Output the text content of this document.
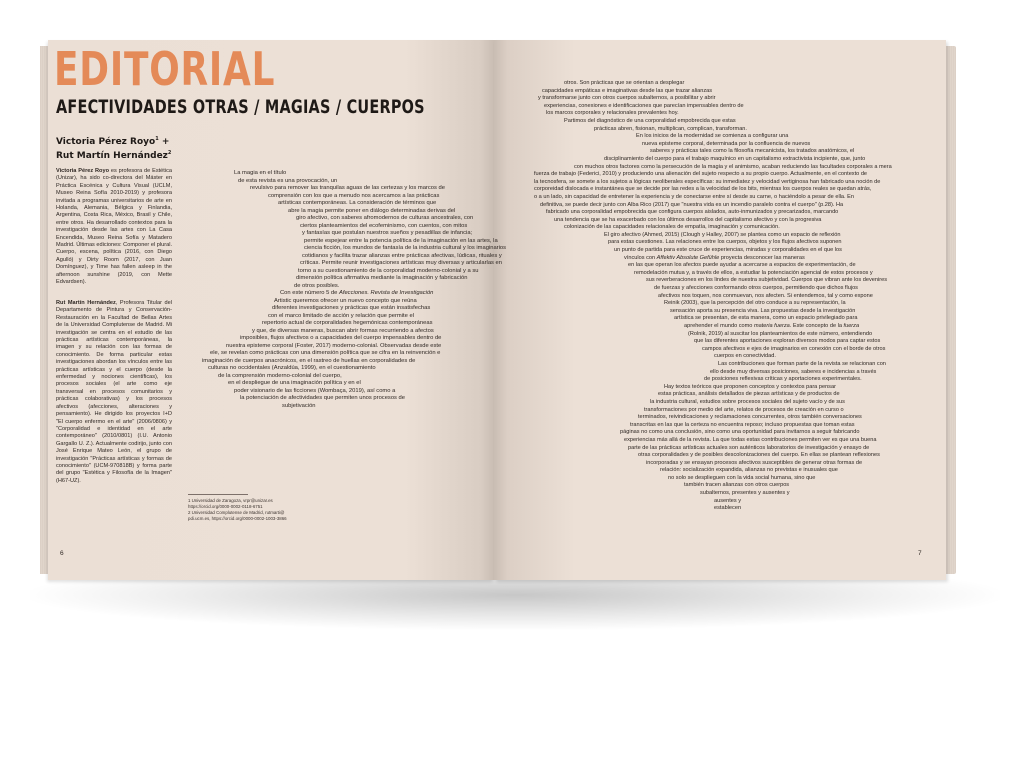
EDITORIAL
AFECTIVIDADES OTRAS / MAGIAS / CUERPOS
Victoria Pérez Royo$^1$ +
Rut Martín Hernández$^2$

Victoria Pérez Royo es profesora de Estética (Unizar), ha sido co-directora del Máster en Práctica Escénica y Cultura Visual (UCLM, Museo Reina Sofía 2010-2019) y profesora invitada a programas universitarios de arte en Holanda, Alemania, Bélgica y Finlandia, Argentina, Costa Rica, México, Brasil y Chile, entre otros. Ha desarrollado contextos para la investigación desde las artes con La Casa Encendida, Museo Reina Sofía y Matadero Madrid. Últimas ediciones: Componer el plural. Cuerpo, escena, política (2016, con Diego Agulló) y Dirty Room (2017, con Juan Domínguez), y Time has fallen asleep in the afternoon sunshine (2019, con Mette Edvardsen).

Rut Martín Hernández, Profesora Titular del Departamento de Pintura y Conservación-Restauración en la Facultad de Bellas Artes de la Universidad Complutense de Madrid. Mi investigación se centra en el estudio de las prácticas artísticas contemporáneas, la imagen y su relación con las formas de conocimiento. De forma particular estas investigaciones abordan los vínculos entre las prácticas artísticas y el cuerpo (desde la enfermedad y nociones científicas), los procesos sociales (el arte como eje transversal en procesos comunitarios y prácticas colaborativas) y los procesos afectivos (afecciones, alteraciones y pensamiento). He dirigido los proyectos I+D "El cuerpo enfermo en el arte" (2006/0806) y "Corporalidad e identidad en el arte contemporáneo" (2010/0801) (I.U. Antonio Gargallo U. Z.). Actualmente codirijo, junto con José Enrique Mateo León, el grupo de investigación "Prácticas artísticas y formas de conocimiento" (UCM-970818B) y forma parte del grupo "Estética y Filosofía de la Imagen" (H67-UZ).

La magia en el título
de esta revista es una provocación, un
revulsivo para remover las tranquilas aguas de las certezas y los marcos de
comprensión con los que a menudo nos acercamos a las prácticas
artísticas contemporáneas. La consideración de términos que
abre la magia permite poner en diálogo determinadas derivas del
giro afectivo, con saberes afromodernos de culturas ancestrales, con
ciertos planteamientos del ecofeminismo, con cuentos, con mitos
y fantasías que postulan nuestros sueños y pesadillas de infancia;
permite espejear entre la potencia política de la imaginación en las artes, la
ciencia ficción, los mundos de fantasía de la industria cultural y los imaginarios
cotidianos y facilita trazar alianzas entre prácticas afectivas, lúdicas, rituales y
críticas. Permite reunir investigaciones artísticas muy diversas y articularlas en
torno a su cuestionamiento de la corporalidad moderno-colonial y a su
dimensión política afirmativa mediante la imaginación y fabricación
de otros posibles.
Con este número 5 de Afecciones. Revista de Investigación
Artistic queremos ofrecer un nuevo concepto que reúna
diferentes investigaciones y prácticas que están insatisfechas
con el marco limitado de acción y relación que permite el
repertorio actual de corporalidades hegemónicas contemporáneas
y que, de diversas maneras, buscan abrir formas recurriendo a afectos
imposibles, flujos afectivos o a capacidades del cuerpo impensables dentro de
nuestra episteme corporal (Foster, 2017) moderno-colonial. Observadas desde este
ele, se revelan como prácticas con una dimensión política que se cifra en la reinvención e
imaginación de cuerpos anacrónicos, en el rastreo de huellas en corporalidades de
culturas no occidentales (Anzaldúa, 1999), en el cuestionamiento
de la comprensión moderno-colonial del cuerpo,
en el despliegue de una imaginación política y en el
poder visionario de las ficciones (Wombaça, 2019), así como a
la potenciación de afectividades que permiten unos procesos de
subjetivación
1 Universidad de Zaragoza, vrpr@unizar.es
https://orcid.org/0000-0002-0118-6751
2 Universidad Complutense de Madrid, rutmarti@
pdi.ucm.es, https://orcid.org/0000-0002-1003-3866
6	7
otros. Son prácticas que se orientan a desplegar
capacidades empáticas e imaginativas desde las que trazar alianzas
y transformarse junto con otros cuerpos subalternos, a posibilitar y abrir
experiencias, conexiones e identificaciones que parecían impensables dentro de
los marcos corporales y relacionales prevalentes hoy.
Partimos del diagnóstico de una corporalidad empobrecida que estas
prácticas abren, fisionan, multiplican, complican, transforman.
En los inicios de la modernidad se comienza a configurar una
nueva episteme corporal, determinada por la confluencia de nuevos
saberes y prácticas tales como la filosofía mecanicista, los tratados anatómicos, el
disciplinamiento del cuerpo para el trabajo maquínico en un capitalismo extractivista incipiente, que, junto
con muchos otros factores como la persecución de la magia y el animismo, acaban reduciendo las facultades corporales a mera
fuerza de trabajo (Federici, 2010) y produciendo una alienación del sujeto respecto a su propio cuerpo. Actualmente, en el contexto de
la tecnosfera, se somete a los sujetos a lógicas neoliberales específicas: su inmediatez y velocidad vertiginosa han fabricado una noción de
corporeidad dislocada e instantánea que se decide por las redes a la velocidad de los bits, mientras los cuerpos reales se quedan atrás,
o a un lado, sin capacidad de entretener la experiencia y de conectarse entre sí desde su carne, o haciéndolo a pesar de ella. En
definitiva, se puede decir junto con Alba Rico (2017) que "nuestra vida es un incendio paralelo contra el cuerpo" (p.28). Ha
fabricado una corporalidad empobrecida que configura cuerpos aislados, auto-inmunizados y precarizados, marcando
una tendencia que se ha exacerbado con los últimos desarrollos del capitalismo afectivo y con la progresiva
colonización de las capacidades relacionales de empatía, imaginación y comunicación.
El giro afectivo (Ahmed, 2015) (Clough y Halley, 2007) se plantea como un espacio de reflexión
para estas cuestiones. Las relaciones entre los cuerpos, objetos y los flujos afectivos suponen
un punto de partida para este cruce de experiencias, miradas y corporalidades en el que los
vínculos con Affektiv Absolute Gefühle proyecta desconocer las maneras
en las que operan los afectos puede ayudar a acercarse a espacios de experimentación, de
remodelación mutua y, a través de ellos, a estudiar la potenciación agencial de estos procesos y
sus reverberaciones en los lindes de nuestra subjetividad. Cuerpos que vibran ante los devenires
de fuerzas y afecciones conformando otros cuerpos, permitiendo que dichos flujos
afectivos nos toquen, nos conmuevan, nos afecten. Si entendemos, tal y como expone
Reinik (2003), que la percepción del otro conduce a su representación, la
sensación aporta su presencia viva. Las propuestas desde la investigación
artística se presentan, de esta manera, como un espacio privilegiado para
aprehender el mundo como materia fuerza. Este concepto de la fuerza
(Rolnik, 2019) al suscitar los planteamientos de este número, entendiendo
que las diferentes aportaciones exploran diversos modos para captar estos
campos afectivos e ejes de imaginarios en conexión con el borde de otros
cuerpos en conectividad.
Las contribuciones que forman parte de la revista se relacionan con
ello desde muy diversas posiciones, saberes e incidencias a través
de posiciones reflexivas críticas y aportaciones experimentales.
Hay textos teóricos que proponen conceptos y contextos para pensar
estas prácticas, análisis detallados de piezas artísticas y de productos de
la industria cultural, estudios sobre procesos sociales del sujeto vacío y de sus
transformaciones por medio del arte, relatos de procesos de creación en curso o
terminados, reivindicaciones y reclamaciones concurrentes, otros también conversaciones
transcritas en las que la certeza no encuentra reposo; incluso propuestas que toman estas
páginas no como una conclusión, sino como una oportunidad para invitarnos a seguir fabricando
experiencias más allá de la revista. La que todas estas contribuciones permiten ver es que una buena
parte de las prácticas artísticas actuales son auténticos laboratorios de investigación y ensayo de
otras corporalidades y de posibles descolonizaciones del cuerpo. En ellas se plantean reflexiones
incorporadas y se ensayan procesos afectivos susceptibles de generar otras formas de
relación: socialización expandida, alianzas no previstas e inusuales que
no solo se desplieguen con la vida social humana, sino que
también tracen alianzas con otros cuerpos
subalternos, presentes y ausentes y
ausentes y
establecen
